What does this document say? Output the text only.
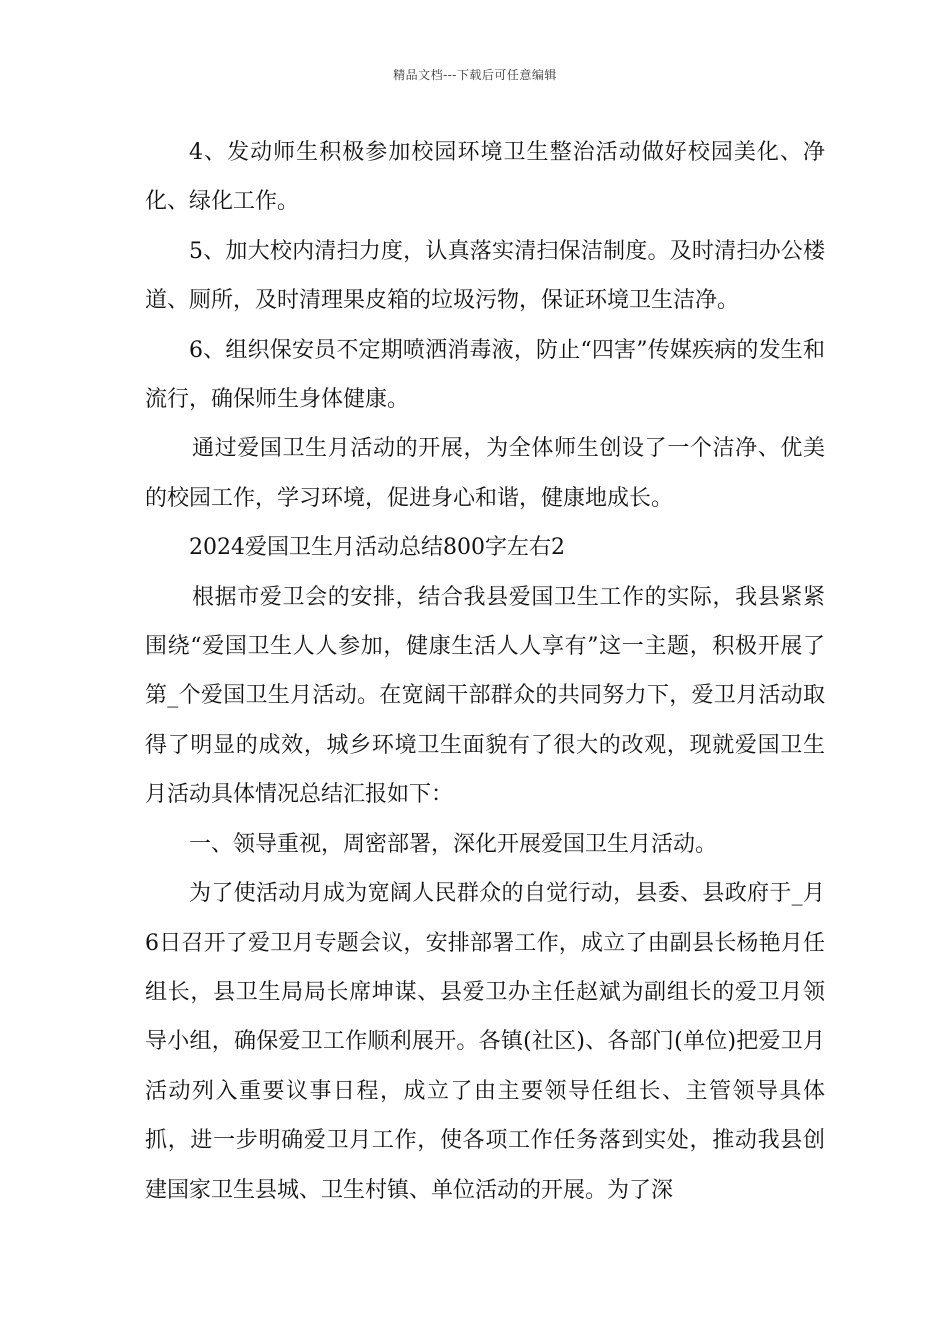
精品文档---下载后可任意编辑

4、发动师生积极参加校园环境卫生整治活动做好校园美化、净化、绿化工作。

5、加大校内清扫力度，认真落实清扫保洁制度。及时清扫办公楼道、厕所，及时清理果皮箱的垃圾污物，保证环境卫生洁净。

6、组织保安员不定期喷洒消毒液，防止“四害”传媒疾病的发生和流行，确保师生身体健康。

通过爱国卫生月活动的开展，为全体师生创设了一个洁净、优美的校园工作，学习环境，促进身心和谐，健康地成长。

2024爱国卫生月活动总结800字左右2

根据市爱卫会的安排，结合我县爱国卫生工作的实际，我县紧紧围绕“爱国卫生人人参加，健康生活人人享有”这一主题，积极开展了第_个爱国卫生月活动。在宽阔干部群众的共同努力下，爱卫月活动取得了明显的成效，城乡环境卫生面貌有了很大的改观，现就爱国卫生月活动具体情况总结汇报如下：

一、领导重视，周密部署，深化开展爱国卫生月活动。

为了使活动月成为宽阔人民群众的自觉行动，县委、县政府于_月6日召开了爱卫月专题会议，安排部署工作，成立了由副县长杨艳月任组长，县卫生局局长席坤谋、县爱卫办主任赵斌为副组长的爱卫月领导小组，确保爱卫工作顺利展开。各镇(社区)、各部门(单位)把爱卫月活动列入重要议事日程，成立了由主要领导任组长、主管领导具体抓，进一步明确爱卫月工作，使各项工作任务落到实处，推动我县创建国家卫生县城、卫生村镇、单位活动的开展。为了深
